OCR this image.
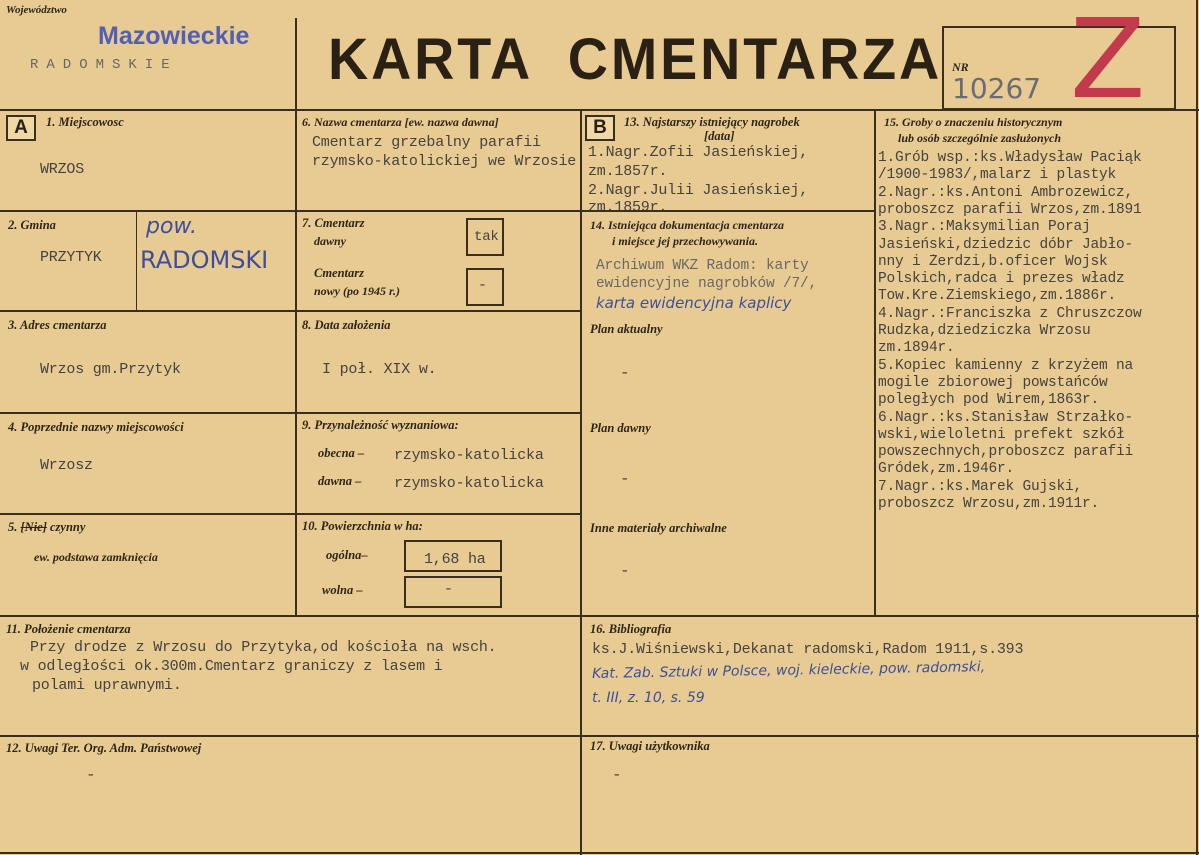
Województwo
Mazowieckie
RADOMSKIE	KARTA  CMENTARZA NR
10267 Z
A	1. Miejscowosc
WRZOS
2. Gmina
PRZYTYK
pow.
RADOMSKI
3. Adres cmentarza
Wrzos gm.Przytyk
4. Poprzednie nazwy miejscowości
Wrzosz
5. [Nie] czynny
ew. podstawa zamknięcia
6. Nazwa cmentarza [ew. nazwa dawna]
Cmentarz grzebalny parafii rzymsko-katolickiej we Wrzosie
7. Cmentarz
dawny	tak
Cmentarz
nowy (po 1945 r.)	-
8. Data założenia
I poł. XIX w.
9. Przynależność wyznaniowa:
obecna – rzymsko-katolicka
dawna – rzymsko-katolicka
10. Powierzchnia w ha:
ogólna–	1,68 ha
wolna –	-
B	13. Najstarszy istniejący nagrobek
[data]
1.Nagr.Zofii Jasieńskiej,
zm.1857r.
2.Nagr.Julii Jasieńskiej,
zm.1859r.
14. Istniejąca dokumentacja cmentarza
i miejsce jej przechowywania.
Archiwum WKZ Radom: karty
ewidencyjne nagrobków /7/,
karta ewidencyjna kaplicy
Plan aktualny
-
Plan dawny
-
Inne materiały archiwalne
-
15. Groby o znaczeniu historycznym
lub osób szczególnie zasłużonych
1.Grób wsp.:ks.Władysław Paciąk
/1900-1983/,malarz i plastyk
2.Nagr.:ks.Antoni Ambrozewicz,
proboszcz parafii Wrzos,zm.1891
3.Nagr.:Maksymilian Poraj
Jasieński,dziedzic dóbr Jabło-
nny i Żerdzi,b.oficer Wojsk
Polskich,radca i prezes władz
Tow.Kre.Ziemskiego,zm.1886r.
4.Nagr.:Franciszka z Chruszczow
Rudzka,dziedziczka Wrzosu
zm.1894r.
5.Kopiec kamienny z krzyżem na
mogile zbiorowej powstańców
poległych pod Wirem,1863r.
6.Nagr.:ks.Stanisław Strzałko-
wski,wieloletni prefekt szkół
powszechnych,proboszcz parafii
Gródek,zm.1946r.
7.Nagr.:ks.Marek Gujski,
proboszcz Wrzosu,zm.1911r.
11. Położenie cmentarza
Przy drodze z Wrzosu do Przytyka,od kościoła na wsch.
w odległości ok.300m.Cmentarz graniczy z lasem i
polami uprawnymi.
16. Bibliografia
ks.J.Wiśniewski,Dekanat radomski,Radom 1911,s.393
Kat. Zab. Sztuki w Polsce, woj. kieleckie, pow. radomski,
t. III, z. 10, s. 59
12. Uwagi Ter. Org. Adm. Państwowej
-
17. Uwagi użytkownika
-
